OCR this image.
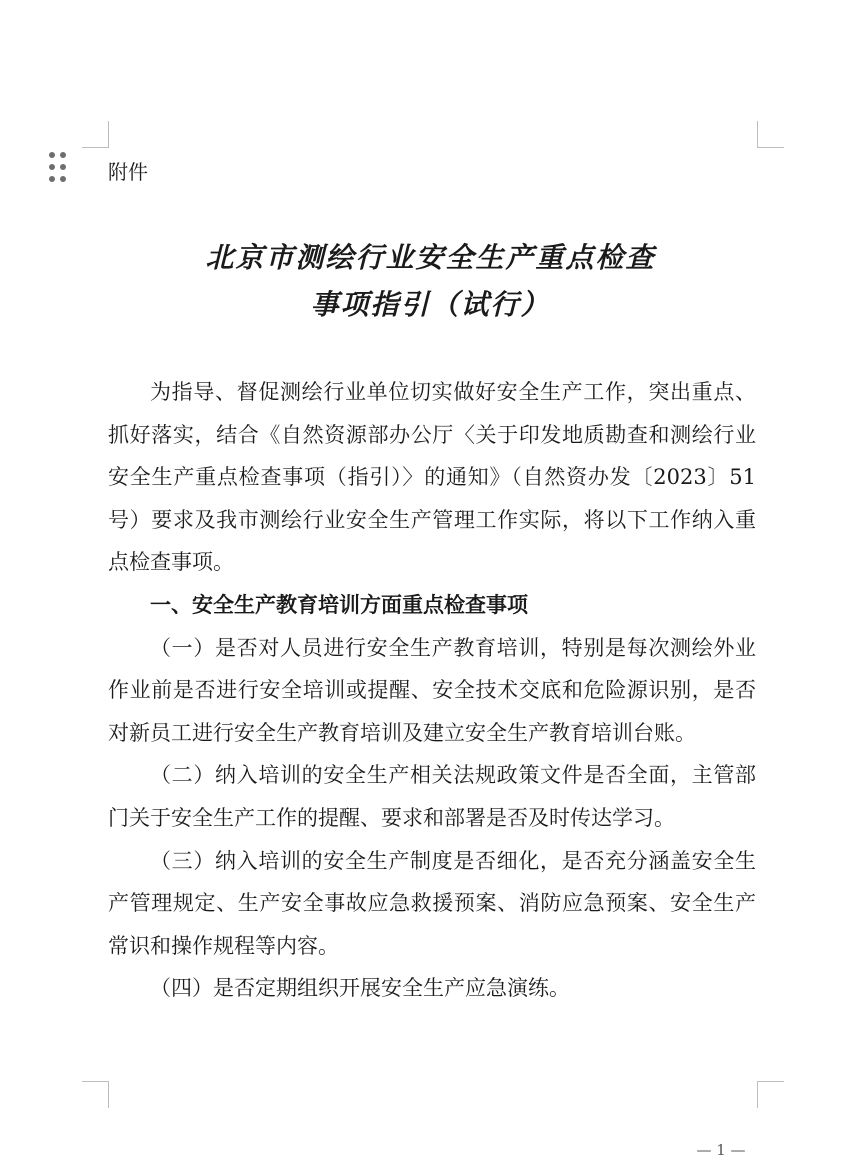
附件
北京市测绘行业安全生产重点检查
事项指引（试行）

为指导、督促测绘行业单位切实做好安全生产工作，突出重点、抓好落实，结合《自然资源部办公厅〈关于印发地质勘查和测绘行业安全生产重点检查事项（指引）〉的通知》（自然资办发〔2023〕51 号）要求及我市测绘行业安全生产管理工作实际，将以下工作纳入重点检查事项。

一、安全生产教育培训方面重点检查事项

（一）是否对人员进行安全生产教育培训，特别是每次测绘外业作业前是否进行安全培训或提醒、安全技术交底和危险源识别，是否对新员工进行安全生产教育培训及建立安全生产教育培训台账。

（二）纳入培训的安全生产相关法规政策文件是否全面，主管部门关于安全生产工作的提醒、要求和部署是否及时传达学习。

（三）纳入培训的安全生产制度是否细化，是否充分涵盖安全生产管理规定、生产安全事故应急救援预案、消防应急预案、安全生产常识和操作规程等内容。

（四）是否定期组织开展安全生产应急演练。

— 1 —
